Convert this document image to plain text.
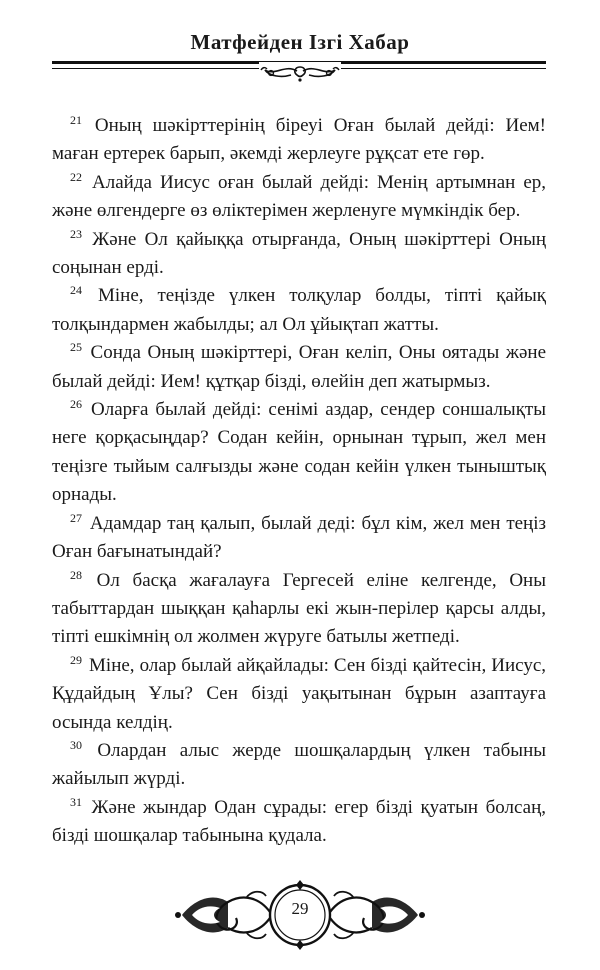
Матфейден Ізгі Хабар

$^{21}$ Оның шәкірттерінің біреуі Оған былай дейді: Ием! маған ертерек барып, әкемді жерлеуге рұқсат ете гөр.

$^{22}$ Алайда Иисус оған былай дейді: Менің артымнан ер, және өлгендерге өз өліктерімен жерленуге мүмкіндік бер.

$^{23}$ Және Ол қайыққа отырғанда, Оның шәкірттері Оның соңынан ерді.

$^{24}$ Міне, теңізде үлкен толқулар болды, тіпті қайық толқындармен жабылды; ал Ол ұйықтап жатты.

$^{25}$ Сонда Оның шәкірттері, Оған келіп, Оны оятады және былай дейді: Ием! құтқар бізді, өлейін деп жатырмыз.

$^{26}$ Оларға былай дейді: сенімі аздар, сендер соншалықты неге қорқасыңдар? Содан кейін, орнынан тұрып, жел мен теңізге тыйым салғызды және содан кейін үлкен тыныштық орнады.

$^{27}$ Адамдар таң қалып, былай деді: бұл кім, жел мен теңіз Оған бағынатындай?

$^{28}$ Ол басқа жағалауға Гергесей еліне келгенде, Оны табыттардан шыққан қаһарлы екі жын-перілер қарсы алды, тіпті ешкімнің ол жолмен жүруге батылы жетпеді.

$^{29}$ Міне, олар былай айқайлады: Сен бізді қайтесін, Иисус, Құдайдың Ұлы? Сен бізді уақытынан бұрын азаптауға осында келдің.

$^{30}$ Олардан алыс жерде шошқалардың үлкен табыны жайылып жүрді.

$^{31}$ Және жындар Одан сұрады: егер бізді қуатын болсаң, бізді шошқалар табынына қудала.

29
